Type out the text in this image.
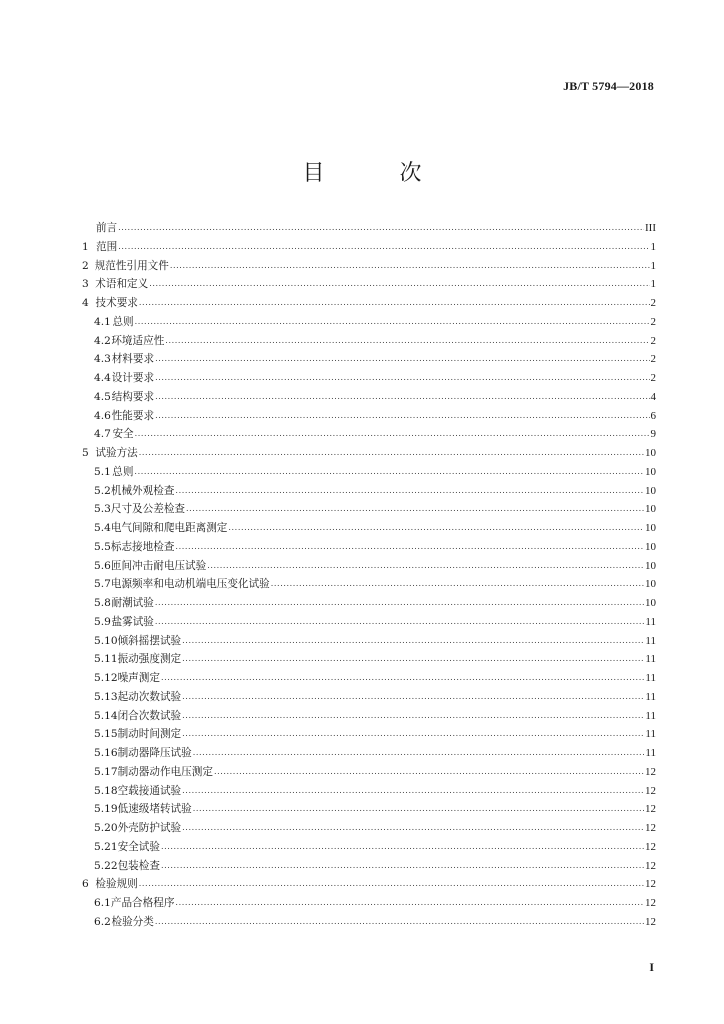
JB/T 5794—2018
目 次
前言 .....	III
1 范围 .....	1
2 规范性引用文件 .....	1
3 术语和定义 .....	1
4 技术要求 .....	2
4.1 总则 .....	2
4.2 环境适应性 .....	2
4.3 材料要求 .....	2
4.4 设计要求 .....	2
4.5 结构要求 .....	4
4.6 性能要求 .....	6
4.7 安全 .....	9
5 试验方法 .....	10
5.1 总则 .....	10
5.2 机械外观检查 .....	10
5.3 尺寸及公差检查 .....	10
5.4 电气间隙和爬电距离测定 .....	10
5.5 标志接地检查 .....	10
5.6 匝间冲击耐电压试验 .....	10
5.7 电源频率和电动机端电压变化试验 .....	10
5.8 耐潮试验 .....	10
5.9 盐雾试验 .....	11
5.10 倾斜摇摆试验 .....	11
5.11 振动强度测定 .....	11
5.12 噪声测定 .....	11
5.13 起动次数试验 .....	11
5.14 闭合次数试验 .....	11
5.15 制动时间测定 .....	11
5.16 制动器降压试验 .....	11
5.17 制动器动作电压测定 .....	12
5.18 空载接通试验 .....	12
5.19 低速级堵转试验 .....	12
5.20 外壳防护试验 .....	12
5.21 安全试验 .....	12
5.22 包装检查 .....	12
6 检验规则 .....	12
6.1 产品合格程序 .....	12
6.2 检验分类 .....	12
I
